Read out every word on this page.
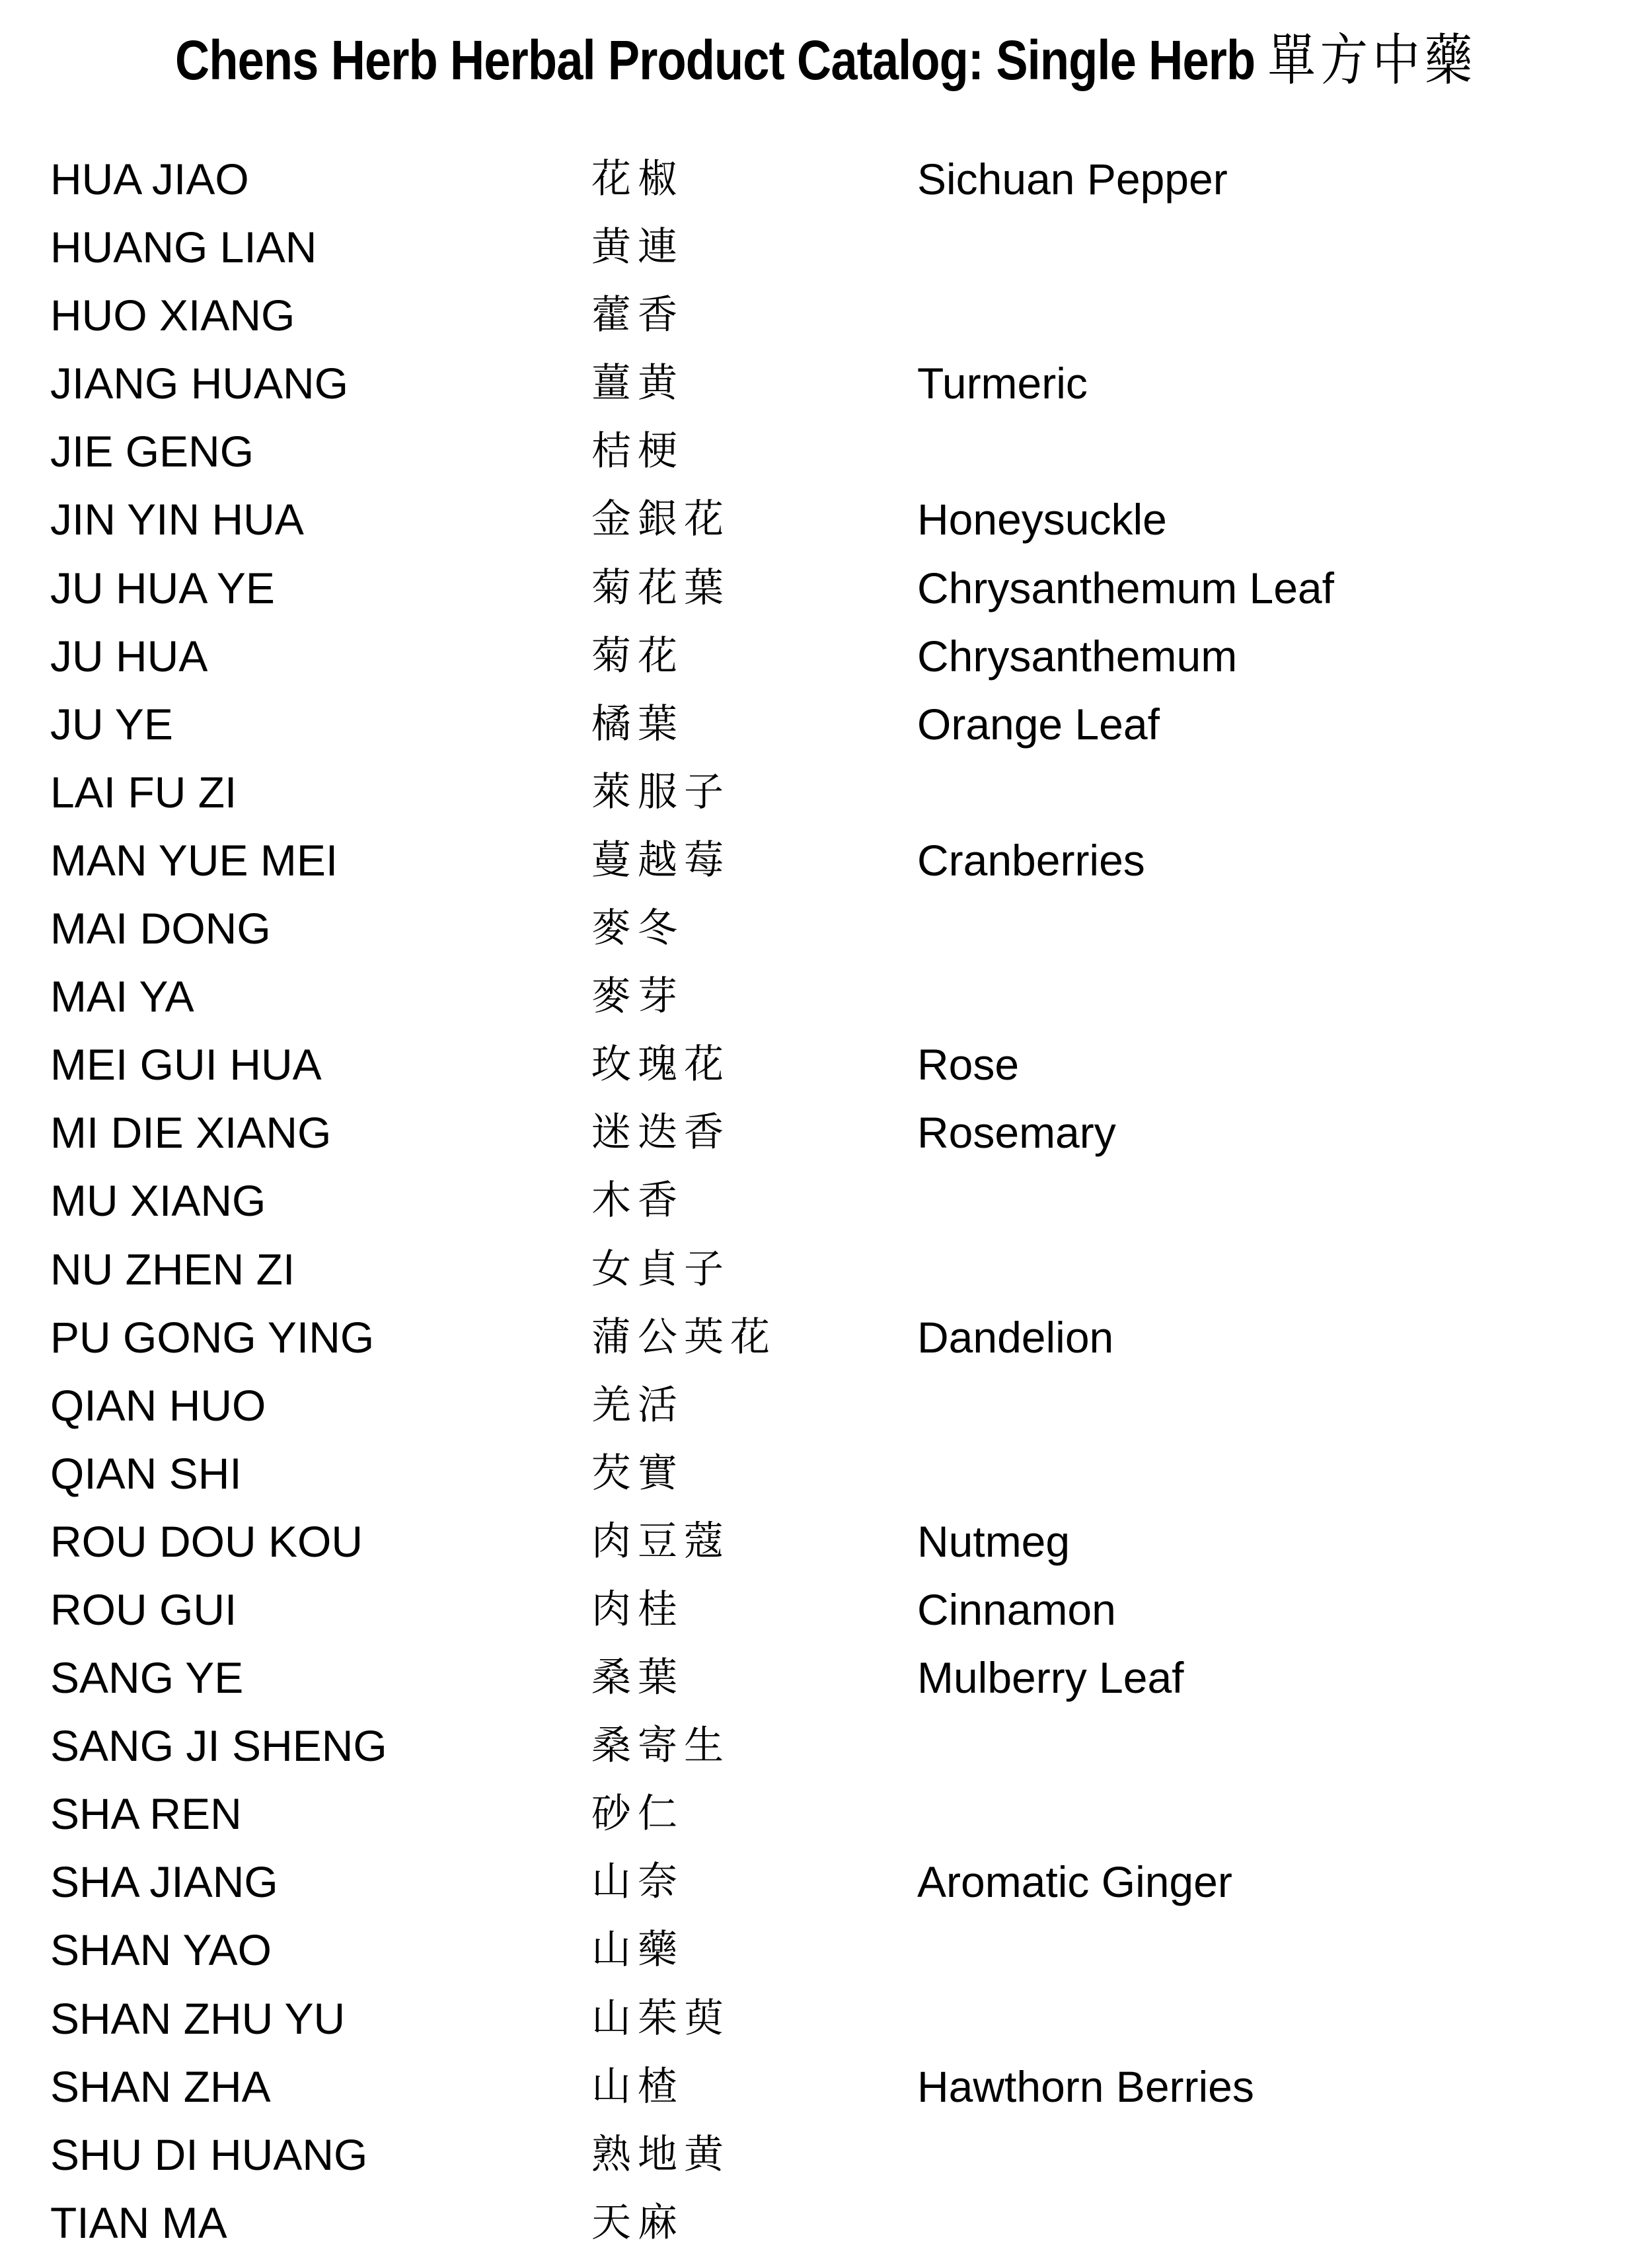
Chens Herb Herbal Product Catalog: Single Herb 單方中藥
HUA JIAO	花椒	Sichuan Pepper
HUANG LIAN	黄連
HUO XIANG	藿香
JIANG HUANG	薑黄	Turmeric
JIE GENG	桔梗
JIN YIN HUA	金銀花	Honeysuckle
JU HUA YE	菊花葉	Chrysanthemum Leaf
JU HUA	菊花	Chrysanthemum
JU YE	橘葉	Orange Leaf
LAI FU ZI	萊服子
MAN YUE MEI	蔓越莓	Cranberries
MAI DONG	麥冬
MAI YA	麥芽
MEI GUI HUA	玫瑰花	Rose
MI DIE XIANG	迷迭香	Rosemary
MU XIANG	木香
NU ZHEN ZI	女貞子
PU GONG YING	蒲公英花	Dandelion
QIAN HUO	羌活
QIAN SHI	芡實
ROU DOU KOU	肉豆蔻	Nutmeg
ROU GUI	肉桂	Cinnamon
SANG YE	桑葉	Mulberry Leaf
SANG JI SHENG	桑寄生
SHA REN	砂仁
SHA JIANG	山奈	Aromatic Ginger
SHAN YAO	山藥
SHAN ZHU YU	山茱萸
SHAN ZHA	山楂	Hawthorn Berries
SHU DI HUANG	熟地黄
TIAN MA	天麻
